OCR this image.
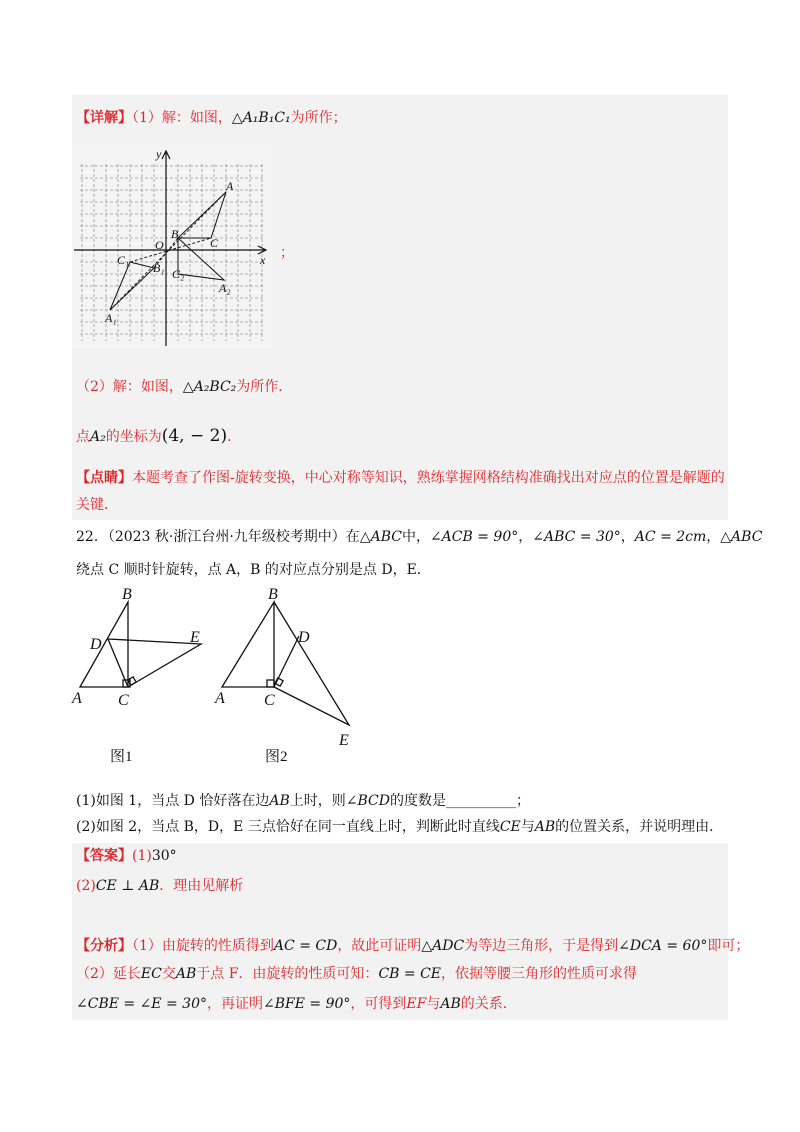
【详解】（1）解：如图，△A₁B₁C₁为所作；
A
B
C
A₁
B₁
C₁
A₂
C₂
O
x
y
；
（2）解：如图，△A₂BC₂为所作．
点A₂的坐标为(4, − 2)．
【点睛】本题考查了作图-旋转变换，中心对称等知识，熟练掌握网格结构准确找出对应点的位置是解题的
关键．
22．（2023 秋·浙江台州·九年级校考期中）在△ABC中，∠ACB = 90°，∠ABC = 30°，AC = 2cm，△ABC
绕点 C 顺时针旋转，点 A，B 的对应点分别是点 D，E．
B
D	E
A C
B
D
A C
E
图1	图2
(1)如图 1，当点 D 恰好落在边AB上时，则∠BCD的度数是__________；
(2)如图 2，当点 B，D，E 三点恰好在同一直线上时，判断此时直线CE与AB的位置关系，并说明理由．
【答案】(1)30°
(2)CE ⊥ AB．理由见解析
【分析】（1）由旋转的性质得到AC = CD，故此可证明△ADC为等边三角形，于是得到∠DCA = 60°即可；
（2）延长EC交AB于点 F．由旋转的性质可知：CB = CE，依据等腰三角形的性质可求得
∠CBE = ∠E = 30°，再证明∠BFE = 90°，可得到EF与AB的关系．
